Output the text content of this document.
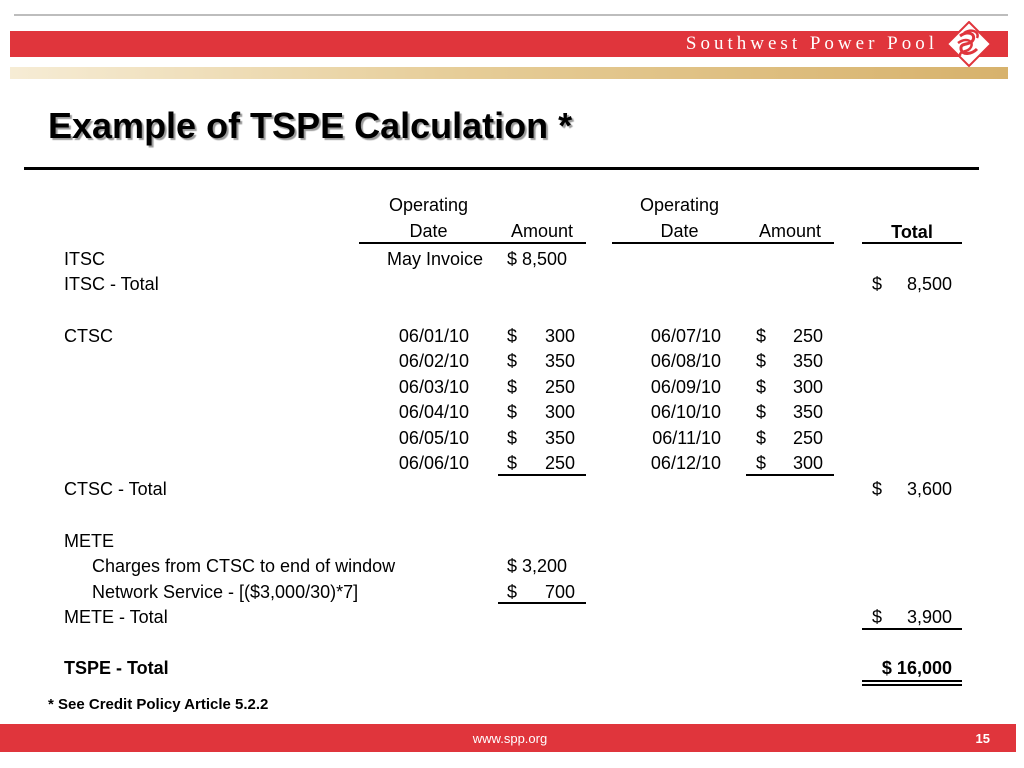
Southwest Power Pool
Example of TSPE Calculation *
Operating
Date	Amount
Operating
Date	Amount	Total
ITSC	May Invoice $ 8,500
ITSC - Total	$	8,500
CTSC	06/01/10 $	300	06/07/10 $	250
06/02/10 $	350	06/08/10 $	350
06/03/10 $	250	06/09/10 $	300
06/04/10 $	300	06/10/10 $	350
06/05/10 $	350	06/11/10 $	250
06/06/10 $	250	06/12/10 $	300
CTSC - Total	$	3,600
METE
Charges from CTSC to end of window	$ 3,200
Network Service - [($3,000/30)*7]	$	700
METE - Total	$	3,900
TSPE - Total	$ 16,000
* See Credit Policy Article 5.2.2
www.spp.org	15
